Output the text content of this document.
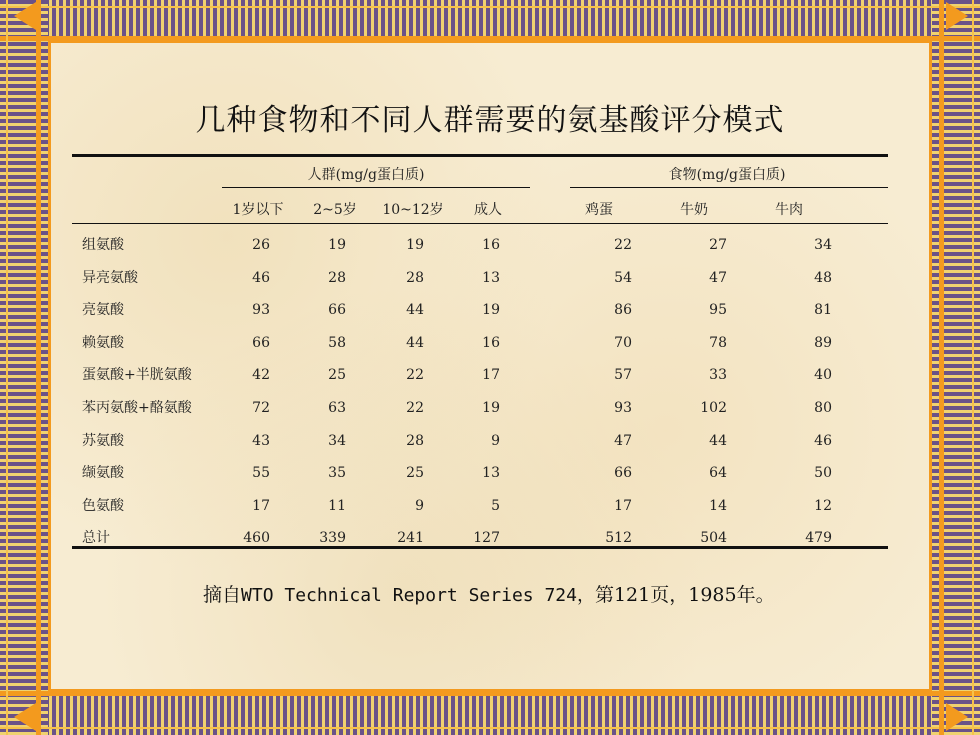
几种食物和不同人群需要的氨基酸评分模式
人群(mg/g蛋白质)	食物(mg/g蛋白质)
1岁以下 2~5岁 10~12岁 成人	鸡蛋	牛奶	牛肉
组氨酸	26	19	19	16	22	27	34
异亮氨酸	46	28	28	13	54	47	48
亮氨酸	93	66	44	19	86	95	81
赖氨酸	66	58	44	16	70	78	89
蛋氨酸+半胱氨酸	42	25	22	17	57	33	40
苯丙氨酸+酪氨酸	72	63	22	19	93	102	80
苏氨酸	43	34	28	9	47	44	46
缬氨酸	55	35	25	13	66	64	50
色氨酸	17	11	9	5	17	14	12
总计	460	339	241	127	512	504	479
摘自WTO Technical Report Series 724，第121页，1985年。
